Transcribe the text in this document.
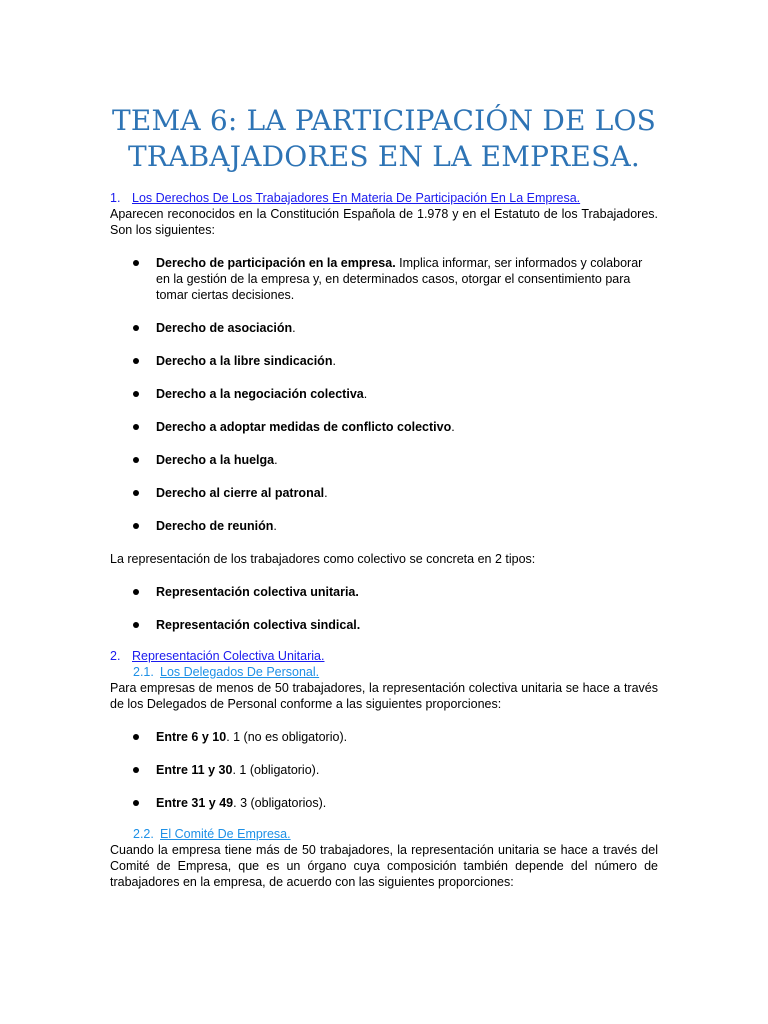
TEMA 6: LA PARTICIPACIÓN DE LOS
TRABAJADORES EN LA EMPRESA.
1. Los Derechos De Los Trabajadores En Materia De Participación En La Empresa.

Aparecen reconocidos en la Constitución Española de 1.978 y en el Estatuto de los Trabajadores. Son los siguientes:

Derecho de participación en la empresa. Implica informar, ser informados y colaborar en la gestión de la empresa y, en determinados casos, otorgar el consentimiento para tomar ciertas decisiones.
Derecho de asociación.
Derecho a la libre sindicación.
Derecho a la negociación colectiva.
Derecho a adoptar medidas de conflicto colectivo.
Derecho a la huelga.
Derecho al cierre al patronal.
Derecho de reunión.

La representación de los trabajadores como colectivo se concreta en 2 tipos:

Representación colectiva unitaria.
Representación colectiva sindical.
2. Representación Colectiva Unitaria.
2.1. Los Delegados De Personal.

Para empresas de menos de 50 trabajadores, la representación colectiva unitaria se hace a través de los Delegados de Personal conforme a las siguientes proporciones:

Entre 6 y 10. 1 (no es obligatorio).
Entre 11 y 30. 1 (obligatorio).
Entre 31 y 49. 3 (obligatorios).
2.2. El Comité De Empresa.

Cuando la empresa tiene más de 50 trabajadores, la representación unitaria se hace a través del Comité de Empresa, que es un órgano cuya composición también depende del número de trabajadores en la empresa, de acuerdo con las siguientes proporciones:
